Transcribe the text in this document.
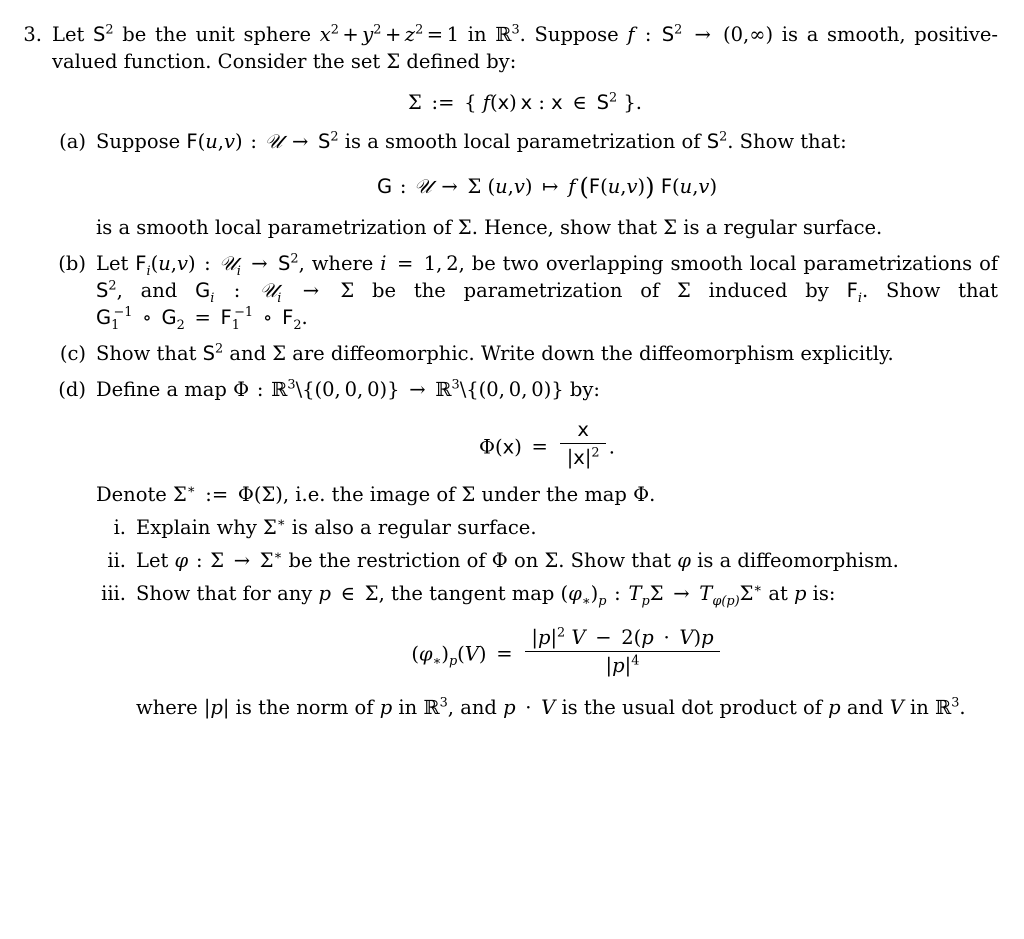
3. Let $S^2$ be the unit sphere $x^2 + y^2 + z^2 = 1$ in ℝ$^3$. Suppose f : $S^2 \to (0,\infty)$ is a smooth, positive-valued function. Consider the set Σ defined by:
Σ := { f(x) x : x ∈ $S^2$ }.
(a) Suppose F(u,v) : 𝒰 → $S^2$ is a smooth local parametrization of $S^2$. Show that:
G : 𝒰 → Σ (u,v) ↦ f  (F(u,v)) F(u,v)
is a smooth local parametrization of Σ. Hence, show that Σ is a regular surface.
(b) Let $F_i(u,v)$ : 𝒰$_i$ → $S^2$, where i = 1, 2, be two overlapping smooth local parametrizations of $S^2$, and $G_i$ : 𝒰$_i$ → Σ be the parametrization of Σ induced by $F_i$. Show that $G_1^{-1}$ ∘ $G_2 = F_1^{-1}$ ∘ $F_2$.
(c) Show that $S^2$ and Σ are diffeomorphic. Write down the diffeomorphism explicitly.
(d) Define a map Φ : ℝ$^3$\{(0, 0, 0)} → ℝ$^3$\{(0, 0, 0)} by:
$\Phi(x) = \frac{x}{|x|^2}$ .
Denote Σ∗ := Φ(Σ), i.e. the image of Σ under the map Φ.
i. Explain why Σ∗ is also a regular surface.
ii. Let φ : Σ → Σ∗ be the restriction of Φ on Σ. Show that φ is a diffeomorphism.
iii. Show that for any p ∈ Σ, the tangent map $(\varphi_∗)_p$ : $T_p\Sigma \to T_{\varphi(p)}\Sigma^∗$ at p is:
$(\varphi_∗)_p(V) = \frac{|p|^2 V - 2(p \cdot V)p}{|p|^4}$
where |p| is the norm of p in ℝ$^3$, and p · V is the usual dot product of p and V in ℝ$^3$.
